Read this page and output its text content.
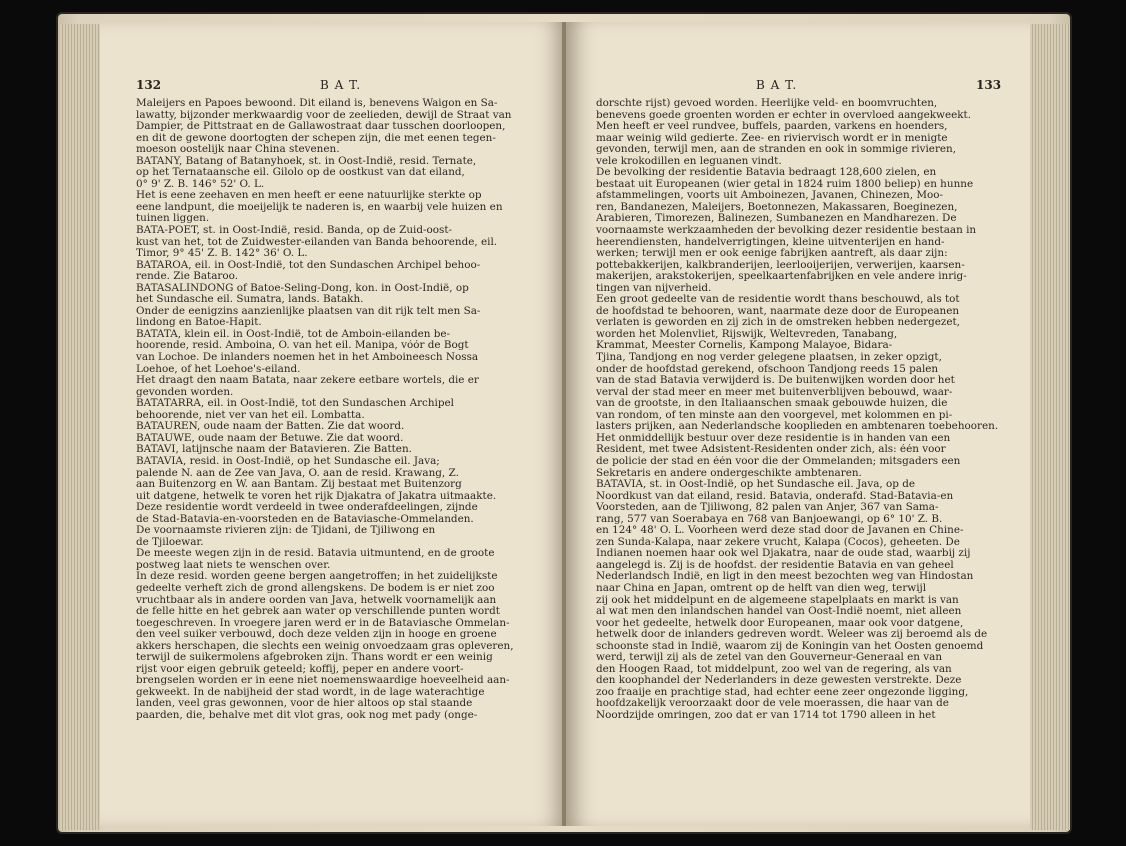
132	B A T.
Maleijers en Papoes bewoond. Dit eiland is, benevens Waigon en Sa-
lawatty, bijzonder merkwaardig voor de zeelieden, dewijl de Straat van
Dampier, de Pittstraat en de Gallawostraat daar tusschen doorloopen,
en dit de gewone doortogten der schepen zijn, die met eenen tegen-
moeson oostelijk naar China stevenen.
BATANY, Batang of Batanyhoek, st. in Oost-Indië, resid. Ternate,
op het Ternataansche eil. Gilolo op de oostkust van dat eiland,
0° 9' Z. B. 146° 52' O. L.
Het is eene zeehaven en men heeft er eene natuurlijke sterkte op
eene landpunt, die moeijelijk te naderen is, en waarbij vele huizen en
tuinen liggen.
BATA-POET, st. in Oost-Indië, resid. Banda, op de Zuid-oost-
kust van het, tot de Zuidwester-eilanden van Banda behoorende, eil.
Timor, 9° 45' Z. B. 142° 36' O. L.
BATAROA, eil. in Oost-Indië, tot den Sundaschen Archipel behoo-
rende. Zie Bataroo.
BATASALINDONG of Batoe-Seling-Dong, kon. in Oost-Indië, op
het Sundasche eil. Sumatra, lands. Batakh.
Onder de eenigzins aanzienlijke plaatsen van dit rijk telt men Sa-
lindong en Batoe-Hapit.
BATATA, klein eil. in Oost-Indië, tot de Amboin-eilanden be-
hoorende, resid. Amboina, O. van het eil. Manipa, vóór de Bogt
van Lochoe. De inlanders noemen het in het Amboineesch Nossa
Loehoe, of het Loehoe's-eiland.
Het draagt den naam Batata, naar zekere eetbare wortels, die er
gevonden worden.
BATATARRA, eil. in Oost-Indië, tot den Sundaschen Archipel
behoorende, niet ver van het eil. Lombatta.
BATAUREN, oude naam der Batten. Zie dat woord.
BATAUWE, oude naam der Betuwe. Zie dat woord.
BATAVI, latijnsche naam der Batavieren. Zie Batten.
BATAVIA, resid. in Oost-Indië, op het Sundasche eil. Java;
palende N. aan de Zee van Java, O. aan de resid. Krawang, Z.
aan Buitenzorg en W. aan Bantam. Zij bestaat met Buitenzorg
uit datgene, hetwelk te voren het rijk Djakatra of Jakatra uitmaakte.
Deze residentie wordt verdeeld in twee onderafdeelingen, zijnde
de Stad-Batavia-en-voorsteden en de Bataviasche-Ommelanden.
De voornaamste rivieren zijn: de Tjidani, de Tjiliwong en
de Tjiloewar.
De meeste wegen zijn in de resid. Batavia uitmuntend, en de groote
postweg laat niets te wenschen over.
In deze resid. worden geene bergen aangetroffen; in het zuidelijkste
gedeelte verheft zich de grond allengskens. De bodem is er niet zoo
vruchtbaar als in andere oorden van Java, hetwelk voornamelijk aan
de felle hitte en het gebrek aan water op verschillende punten wordt
toegeschreven. In vroegere jaren werd er in de Bataviasche Ommelan-
den veel suiker verbouwd, doch deze velden zijn in hooge en groene
akkers herschapen, die slechts een weinig onvoedzaam gras opleveren,
terwijl de suikermolens afgebroken zijn. Thans wordt er een weinig
rijst voor eigen gebruik geteeld; koffij, peper en andere voort-
brengselen worden er in eene niet noemenswaardige hoeveelheid aan-
gekweekt. In de nabijheid der stad wordt, in de lage waterachtige
landen, veel gras gewonnen, voor de hier altoos op stal staande
paarden, die, behalve met dit vlot gras, ook nog met pady (onge-
B A T.	133
dorschte rijst) gevoed worden. Heerlijke veld- en boomvruchten,
benevens goede groenten worden er echter in overvloed aangekweekt.
Men heeft er veel rundvee, buffels, paarden, varkens en hoenders,
maar weinig wild gedierte. Zee- en riviervisch wordt er in menigte
gevonden, terwijl men, aan de stranden en ook in sommige rivieren,
vele krokodillen en leguanen vindt.
De bevolking der residentie Batavia bedraagt 128,600 zielen, en
bestaat uit Europeanen (wier getal in 1824 ruim 1800 beliep) en hunne
afstammelingen, voorts uit Amboinezen, Javanen, Chinezen, Moo-
ren, Bandanezen, Maleijers, Boetonnezen, Makassaren, Boeginezen,
Arabieren, Timorezen, Balinezen, Sumbanezen en Mandharezen. De
voornaamste werkzaamheden der bevolking dezer residentie bestaan in
heerendiensten, handelverrigtingen, kleine uitventerijen en hand-
werken; terwijl men er ook eenige fabrijken aantreft, als daar zijn:
pottebakkerijen, kalkbranderijen, leerlooijerijen, verwerijen, kaarsen-
makerijen, arakstokerijen, speelkaartenfabrijken en vele andere inrig-
tingen van nijverheid.
Een groot gedeelte van de residentie wordt thans beschouwd, als tot
de hoofdstad te behooren, want, naarmate deze door de Europeanen
verlaten is geworden en zij zich in de omstreken hebben nedergezet,
worden het Molenvliet, Rijswijk, Weltevreden, Tanabang,
Krammat, Meester Cornelis, Kampong Malayoe, Bidara-
Tjina, Tandjong en nog verder gelegene plaatsen, in zeker opzigt,
onder de hoofdstad gerekend, ofschoon Tandjong reeds 15 palen
van de stad Batavia verwijderd is. De buitenwijken worden door het
verval der stad meer en meer met buitenverblijven bebouwd, waar-
van de grootste, in den Italiaanschen smaak gebouwde huizen, die
van rondom, of ten minste aan den voorgevel, met kolommen en pi-
lasters prijken, aan Nederlandsche kooplieden en ambtenaren toebehooren.
Het onmiddellijk bestuur over deze residentie is in handen van een
Resident, met twee Adsistent-Residenten onder zich, als: één voor
de policie der stad en één voor die der Ommelanden; mitsgaders een
Sekretaris en andere ondergeschikte ambtenaren.
BATAVIA, st. in Oost-Indië, op het Sundasche eil. Java, op de
Noordkust van dat eiland, resid. Batavia, onderafd. Stad-Batavia-en
Voorsteden, aan de Tjiliwong, 82 palen van Anjer, 367 van Sama-
rang, 577 van Soerabaya en 768 van Banjoewangi, op 6° 10' Z. B.
en 124° 48' O. L. Voorheen werd deze stad door de Javanen en Chine-
zen Sunda-Kalapa, naar zekere vrucht, Kalapa (Cocos), geheeten. De
Indianen noemen haar ook wel Djakatra, naar de oude stad, waarbij zij
aangelegd is. Zij is de hoofdst. der residentie Batavia en van geheel
Nederlandsch Indië, en ligt in den meest bezochten weg van Hindostan
naar China en Japan, omtrent op de helft van dien weg, terwijl
zij ook het middelpunt en de algemeene stapelplaats en markt is van
al wat men den inlandschen handel van Oost-Indië noemt, niet alleen
voor het gedeelte, hetwelk door Europeanen, maar ook voor datgene,
hetwelk door de inlanders gedreven wordt. Weleer was zij beroemd als de
schoonste stad in Indië, waarom zij de Koningin van het Oosten genoemd
werd, terwijl zij als de zetel van den Gouverneur-Generaal en van
den Hoogen Raad, tot middelpunt, zoo wel van de regering, als van
den koophandel der Nederlanders in deze gewesten verstrekte. Deze
zoo fraaije en prachtige stad, had echter eene zeer ongezonde ligging,
hoofdzakelijk veroorzaakt door de vele moerassen, die haar van de
Noordzijde omringen, zoo dat er van 1714 tot 1790 alleen in het
